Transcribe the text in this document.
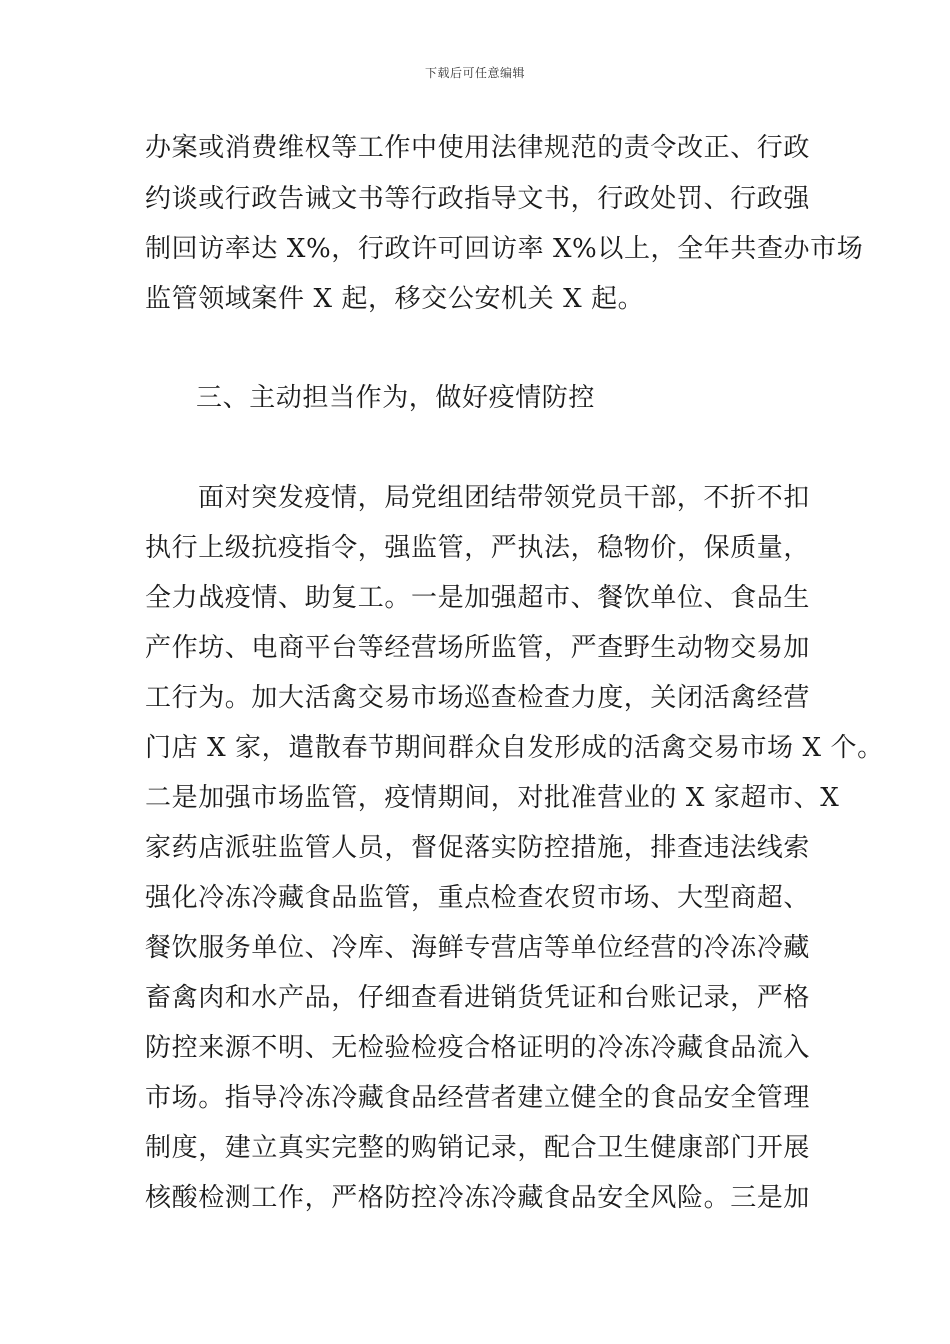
下载后可任意编辑
办案或消费维权等工作中使用法律规范的责令改正、行政
约谈或行政告诫文书等行政指导文书，行政处罚、行政强
制回访率达 X%，行政许可回访率 X%以上，全年共查办市场
监管领域案件 X 起，移交公安机关 X 起。
三、主动担当作为，做好疫情防控
面对突发疫情，局党组团结带领党员干部，不折不扣
执行上级抗疫指令，强监管，严执法，稳物价，保质量，
全力战疫情、助复工。一是加强超市、餐饮单位、食品生
产作坊、电商平台等经营场所监管，严查野生动物交易加
工行为。加大活禽交易市场巡查检查力度，关闭活禽经营
门店 X 家，遣散春节期间群众自发形成的活禽交易市场 X 个。
二是加强市场监管，疫情期间，对批准营业的 X 家超市、X
家药店派驻监管人员，督促落实防控措施，排查违法线索
强化冷冻冷藏食品监管，重点检查农贸市场、大型商超、
餐饮服务单位、冷库、海鲜专营店等单位经营的冷冻冷藏
畜禽肉和水产品，仔细查看进销货凭证和台账记录，严格
防控来源不明、无检验检疫合格证明的冷冻冷藏食品流入
市场。指导冷冻冷藏食品经营者建立健全的食品安全管理
制度，建立真实完整的购销记录，配合卫生健康部门开展
核酸检测工作，严格防控冷冻冷藏食品安全风险。三是加
